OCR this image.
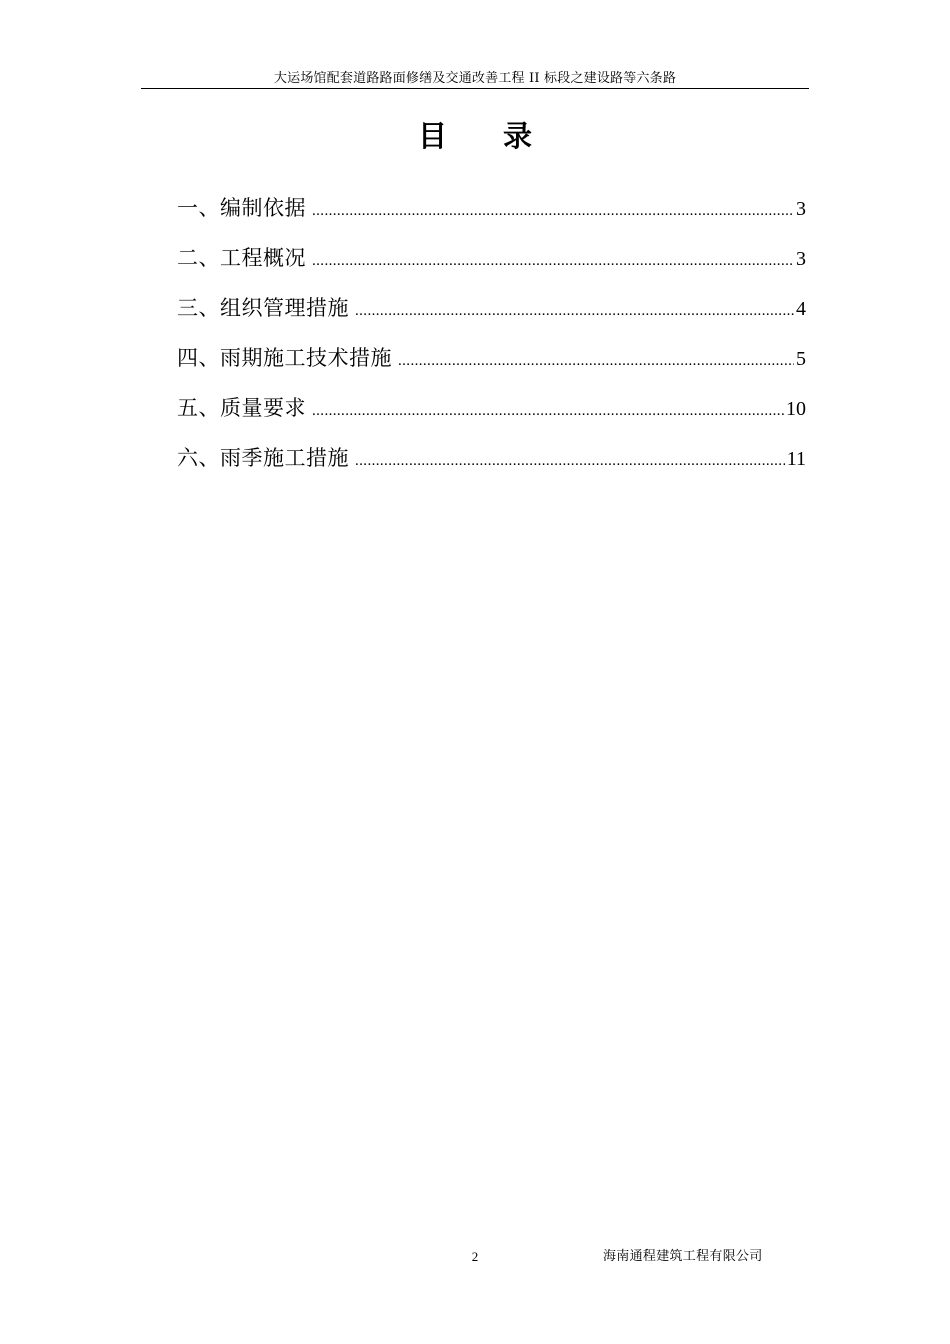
大运场馆配套道路路面修缮及交通改善工程 II 标段之建设路等六条路
目录
一、编制依据 .....	3
二、工程概况 .....	3
三、组织管理措施 .....	4
四、雨期施工技术措施 .....	5
五、质量要求 .....	10
六、雨季施工措施 .....	11
2	海南通程建筑工程有限公司
